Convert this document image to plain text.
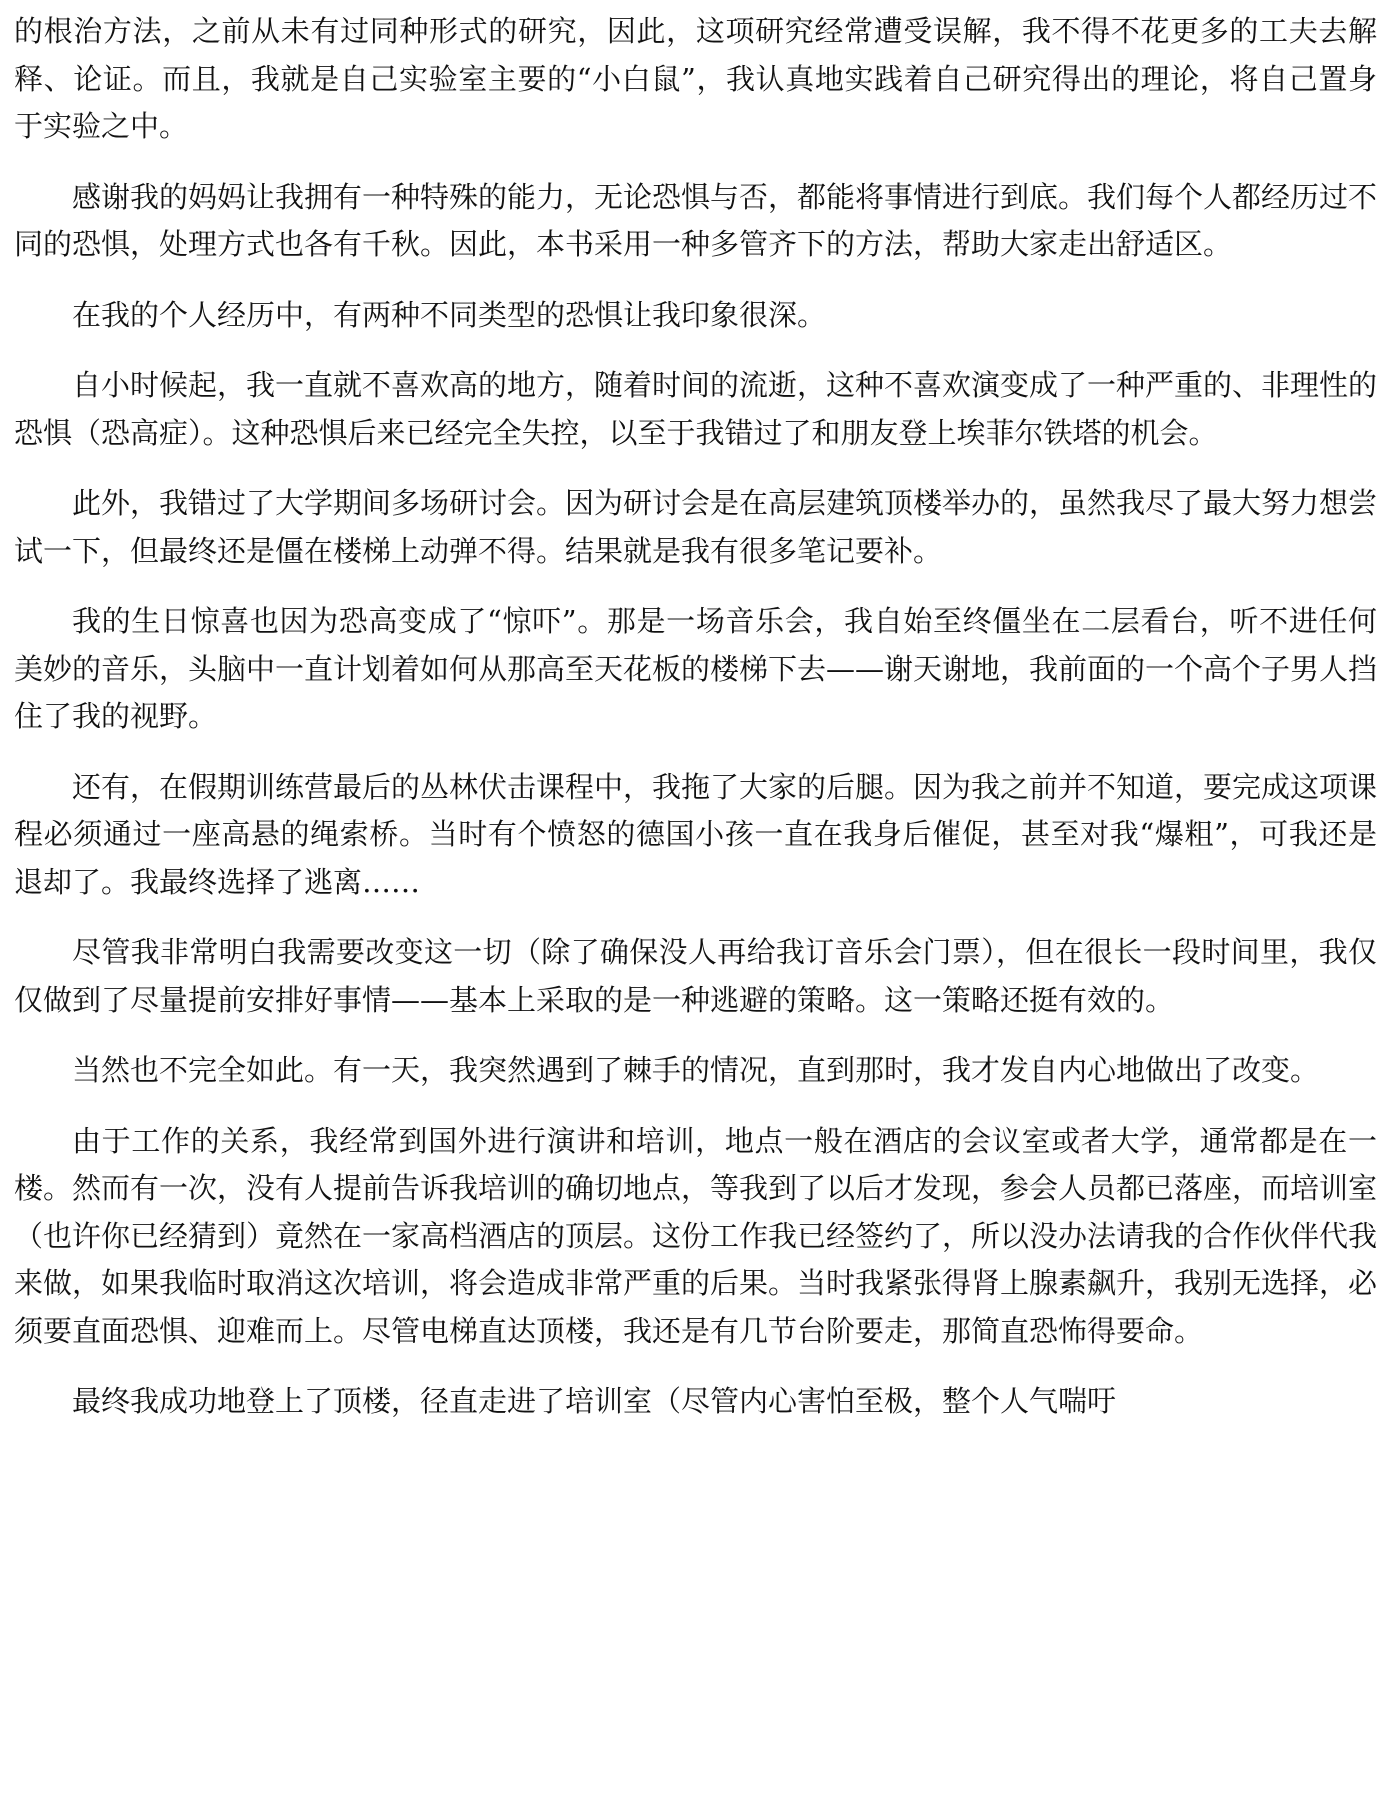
的根治方法，之前从未有过同种形式的研究，因此，这项研究经常遭受误解，我不得不花更多的工夫去解释、论证。而且，我就是自己实验室主要的“小白鼠”，我认真地实践着自己研究得出的理论，将自己置身于实验之中。

感谢我的妈妈让我拥有一种特殊的能力，无论恐惧与否，都能将事情进行到底。我们每个人都经历过不同的恐惧，处理方式也各有千秋。因此，本书采用一种多管齐下的方法，帮助大家走出舒适区。

在我的个人经历中，有两种不同类型的恐惧让我印象很深。

自小时候起，我一直就不喜欢高的地方，随着时间的流逝，这种不喜欢演变成了一种严重的、非理性的恐惧（恐高症）。这种恐惧后来已经完全失控，以至于我错过了和朋友登上埃菲尔铁塔的机会。

此外，我错过了大学期间多场研讨会。因为研讨会是在高层建筑顶楼举办的，虽然我尽了最大努力想尝试一下，但最终还是僵在楼梯上动弹不得。结果就是我有很多笔记要补。

我的生日惊喜也因为恐高变成了“惊吓”。那是一场音乐会，我自始至终僵坐在二层看台，听不进任何美妙的音乐，头脑中一直计划着如何从那高至天花板的楼梯下去——谢天谢地，我前面的一个高个子男人挡住了我的视野。

还有，在假期训练营最后的丛林伏击课程中，我拖了大家的后腿。因为我之前并不知道，要完成这项课程必须通过一座高悬的绳索桥。当时有个愤怒的德国小孩一直在我身后催促，甚至对我“爆粗”，可我还是退却了。我最终选择了逃离……

尽管我非常明白我需要改变这一切（除了确保没人再给我订音乐会门票），但在很长一段时间里，我仅仅做到了尽量提前安排好事情——基本上采取的是一种逃避的策略。这一策略还挺有效的。

当然也不完全如此。有一天，我突然遇到了棘手的情况，直到那时，我才发自内心地做出了改变。

由于工作的关系，我经常到国外进行演讲和培训，地点一般在酒店的会议室或者大学，通常都是在一楼。然而有一次，没有人提前告诉我培训的确切地点，等我到了以后才发现，参会人员都已落座，而培训室（也许你已经猜到）竟然在一家高档酒店的顶层。这份工作我已经签约了，所以没办法请我的合作伙伴代我来做，如果我临时取消这次培训，将会造成非常严重的后果。当时我紧张得肾上腺素飙升，我别无选择，必须要直面恐惧、迎难而上。尽管电梯直达顶楼，我还是有几节台阶要走，那简直恐怖得要命。

最终我成功地登上了顶楼，径直走进了培训室（尽管内心害怕至极，整个人气喘吁
